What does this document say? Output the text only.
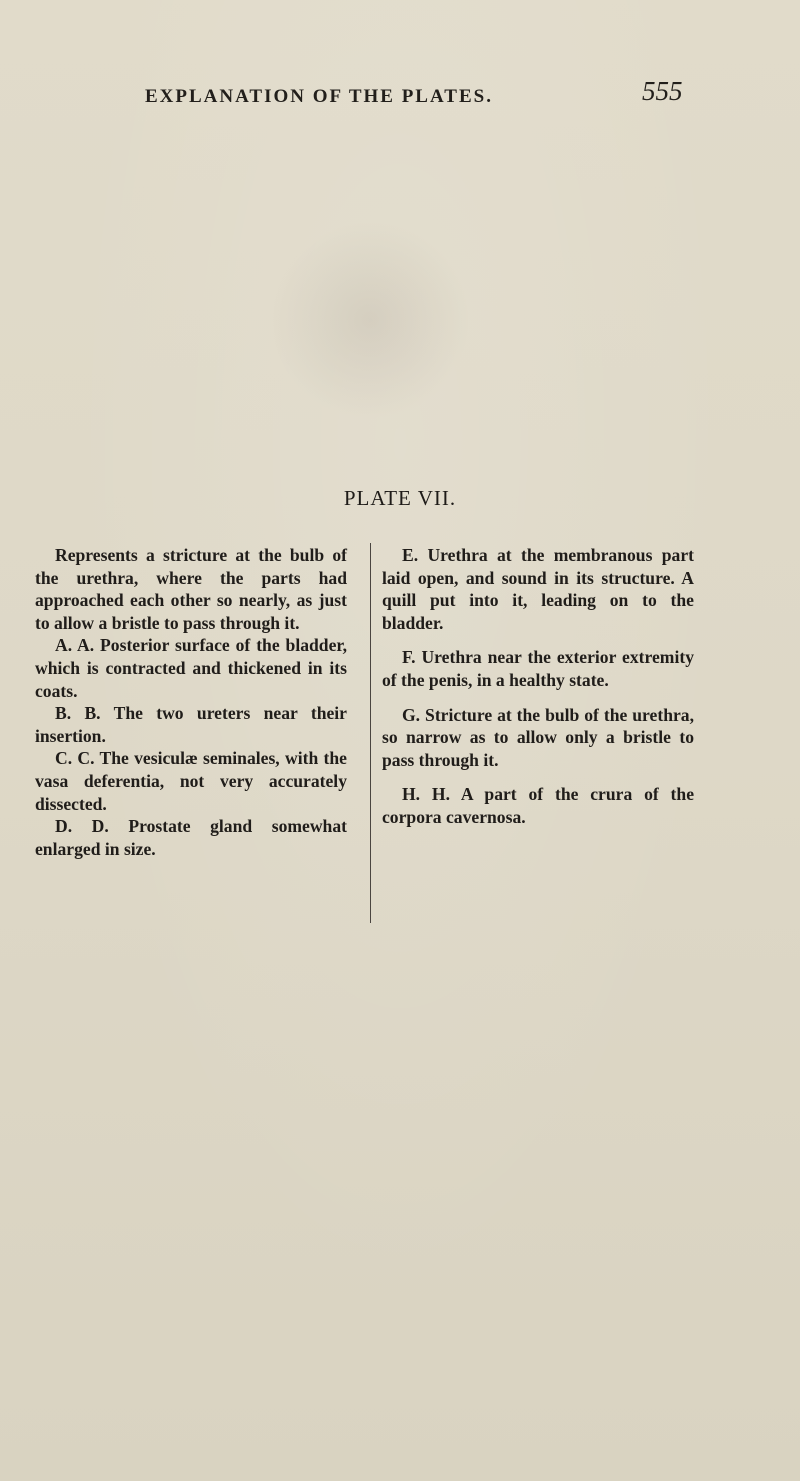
EXPLANATION OF THE PLATES.	555
PLATE VII.

Represents a stricture at the bulb of the urethra, where the parts had approached each other so nearly, as just to allow a bristle to pass through it.

A. A. Posterior surface of the bladder, which is contracted and thickened in its coats.

B. B. The two ureters near their insertion.

C. C. The vesiculæ seminales, with the vasa deferentia, not very accurately dissected.

D. D. Prostate gland somewhat enlarged in size.

E. Urethra at the membranous part laid open, and sound in its structure. A quill put into it, leading on to the bladder.

F. Urethra near the exterior extremity of the penis, in a healthy state.

G. Stricture at the bulb of the urethra, so narrow as to allow only a bristle to pass through it.

H. H. A part of the crura of the corpora cavernosa.
